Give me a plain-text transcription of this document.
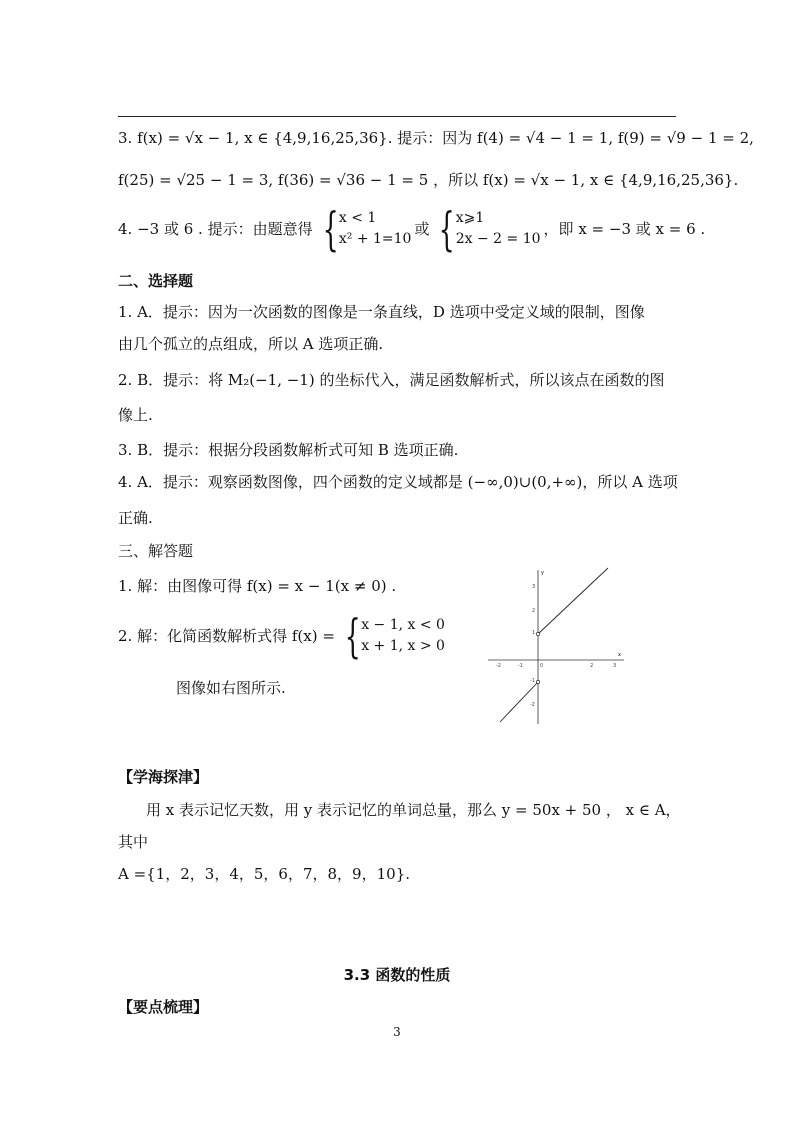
3. f(x) = √x − 1, x ∈ {4,9,16,25,36}. 提示：因为 f(4) = √4 − 1 = 1, f(9) = √9 − 1 = 2,
f(25) = √25 − 1 = 3, f(36) = √36 − 1 = 5 ，所以 f(x) = √x − 1, x ∈ {4,9,16,25,36}.
4. −3 或 6 . 提示：由题意得 { x < 1
x² + 1=10
或 { x⩾1
2x − 2 = 10
，即 x = −3 或 x = 6 .
二、选择题
1. A．提示：因为一次函数的图像是一条直线，D 选项中受定义域的限制，图像
由几个孤立的点组成，所以 A 选项正确.
2. B．提示：将 M₂(−1, −1) 的坐标代入，满足函数解析式，所以该点在函数的图
像上.
3. B．提示：根据分段函数解析式可知 B 选项正确.
4. A．提示：观察函数图像，四个函数的定义域都是 (−∞,0)∪(0,+∞)，所以 A 选项
正确.
三、解答题
1. 解：由图像可得 f(x) = x − 1(x ≠ 0) .
2. 解：化简函数解析式得 f(x) = { x − 1, x < 0
x + 1, x > 0
图像如右图所示.
x
y
-2	-1	0	2	3
3
2
1
-1
-2
【学海探津】
用 x 表示记忆天数，用 y 表示记忆的单词总量，那么 y = 50x + 50 ， x ∈ A，
其中
A ={1，2，3，4，5，6，7，8，9，10}.
3.3 函数的性质
【要点梳理】
3
